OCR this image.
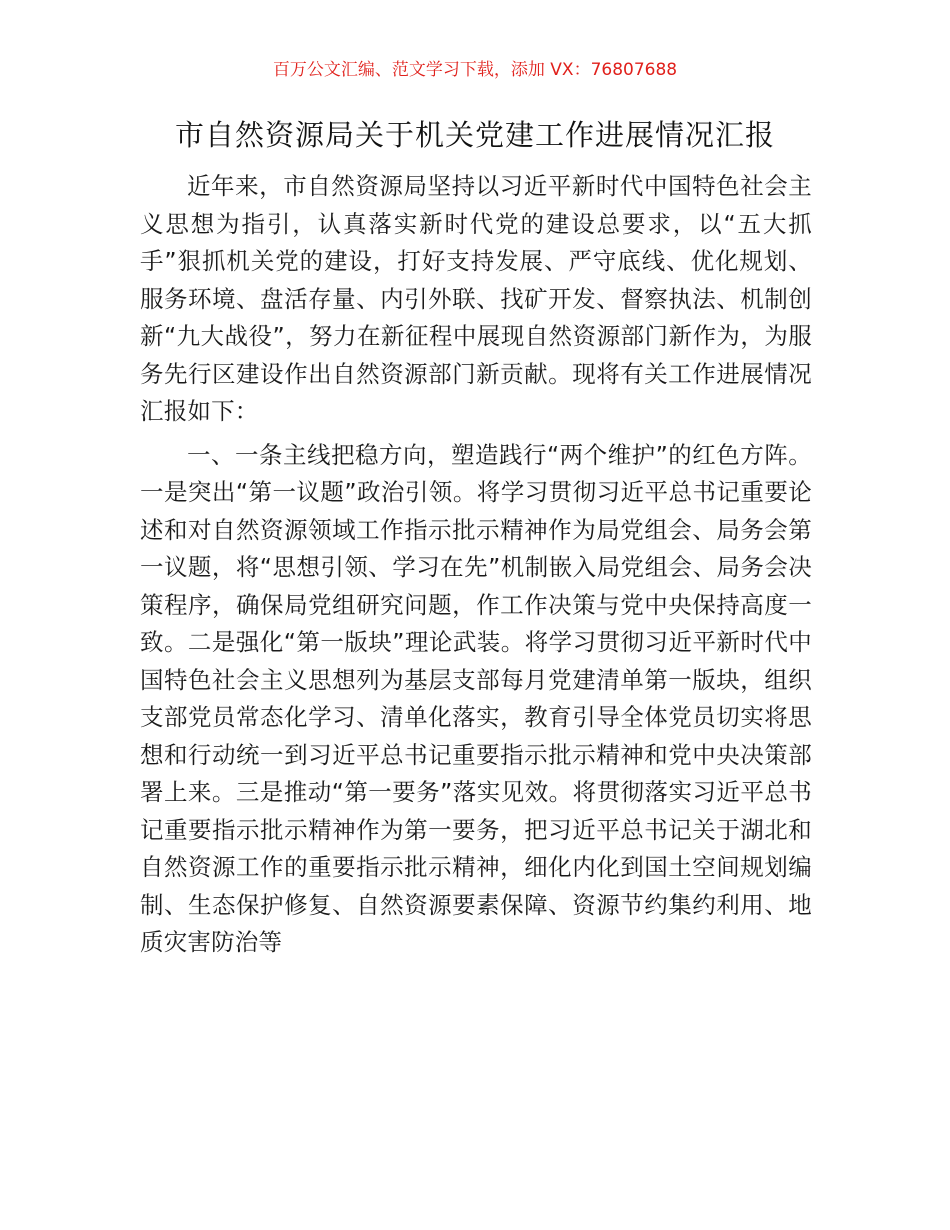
百万公文汇编、范文学习下载，添加 VX：76807688
市自然资源局关于机关党建工作进展情况汇报

近年来，市自然资源局坚持以习近平新时代中国特色社会主义思想为指引，认真落实新时代党的建设总要求，以“五大抓手”狠抓机关党的建设，打好支持发展、严守底线、优化规划、服务环境、盘活存量、内引外联、找矿开发、督察执法、机制创新“九大战役”，努力在新征程中展现自然资源部门新作为，为服务先行区建设作出自然资源部门新贡献。现将有关工作进展情况汇报如下：

一、一条主线把稳方向，塑造践行“两个维护”的红色方阵。一是突出“第一议题”政治引领。将学习贯彻习近平总书记重要论述和对自然资源领域工作指示批示精神作为局党组会、局务会第一议题，将“思想引领、学习在先”机制嵌入局党组会、局务会决策程序，确保局党组研究问题，作工作决策与党中央保持高度一致。二是强化“第一版块”理论武装。将学习贯彻习近平新时代中国特色社会主义思想列为基层支部每月党建清单第一版块，组织支部党员常态化学习、清单化落实，教育引导全体党员切实将思想和行动统一到习近平总书记重要指示批示精神和党中央决策部署上来。三是推动“第一要务”落实见效。将贯彻落实习近平总书记重要指示批示精神作为第一要务，把习近平总书记关于湖北和自然资源工作的重要指示批示精神，细化内化到国土空间规划编制、生态保护修复、自然资源要素保障、资源节约集约利用、地质灾害防治等
